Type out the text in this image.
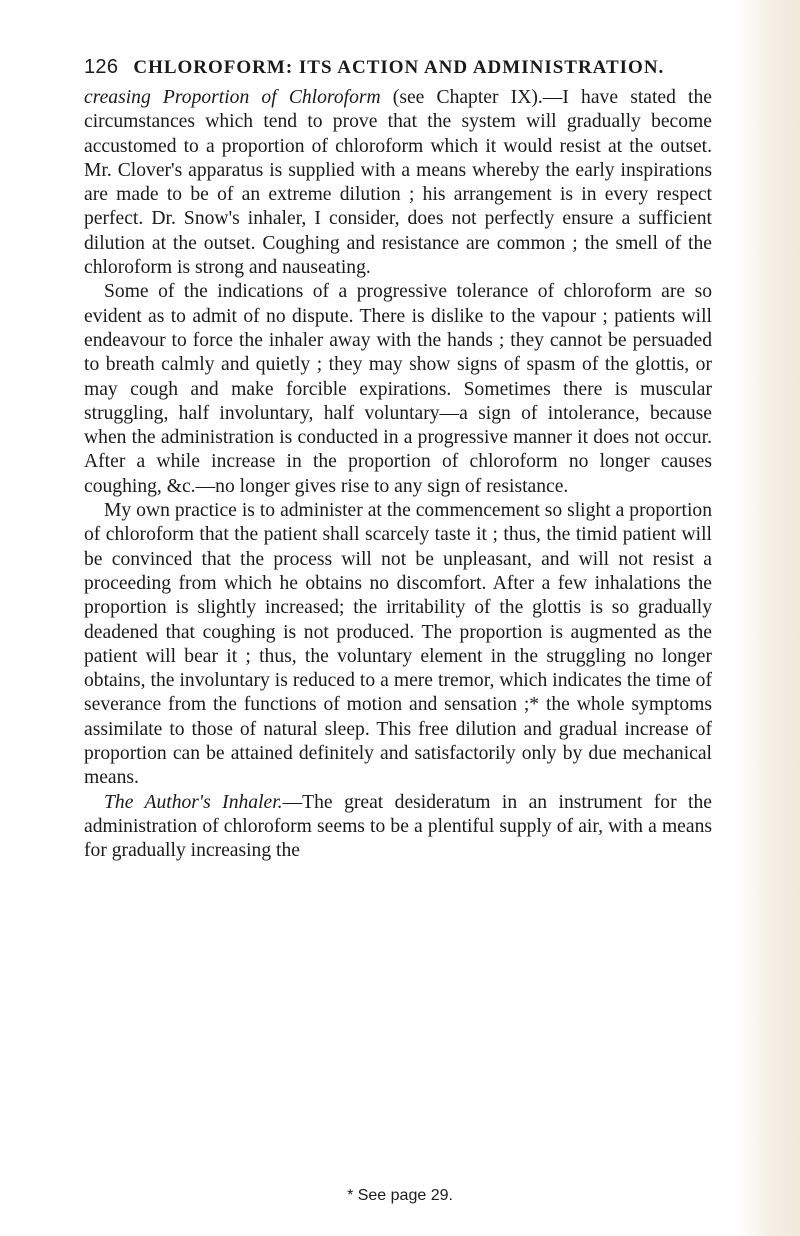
126 CHLOROFORM: ITS ACTION AND ADMINISTRATION.

creasing Proportion of Chloroform (see Chapter IX).—I have stated the circumstances which tend to prove that the system will gradually become accustomed to a proportion of chloroform which it would resist at the outset. Mr. Clover's apparatus is supplied with a means whereby the early inspirations are made to be of an extreme dilution ; his arrangement is in every respect perfect. Dr. Snow's inhaler, I consider, does not perfectly ensure a sufficient dilution at the outset. Coughing and resistance are common ; the smell of the chloroform is strong and nauseating.

Some of the indications of a progressive tolerance of chloroform are so evident as to admit of no dispute. There is dislike to the vapour ; patients will endeavour to force the inhaler away with the hands ; they cannot be persuaded to breath calmly and quietly ; they may show signs of spasm of the glottis, or may cough and make forcible expirations. Sometimes there is muscular struggling, half involuntary, half voluntary—a sign of intolerance, because when the administration is conducted in a progressive manner it does not occur. After a while increase in the proportion of chloroform no longer causes coughing, &c.—no longer gives rise to any sign of resistance.

My own practice is to administer at the commencement so slight a proportion of chloroform that the patient shall scarcely taste it ; thus, the timid patient will be convinced that the process will not be unpleasant, and will not resist a proceeding from which he obtains no discomfort. After a few inhalations the proportion is slightly increased; the irritability of the glottis is so gradually deadened that coughing is not produced. The proportion is augmented as the patient will bear it ; thus, the voluntary element in the struggling no longer obtains, the involuntary is reduced to a mere tremor, which indicates the time of severance from the functions of motion and sensation ;* the whole symptoms assimilate to those of natural sleep. This free dilution and gradual increase of proportion can be attained definitely and satisfactorily only by due mechanical means.

The Author's Inhaler.—The great desideratum in an instrument for the administration of chloroform seems to be a plentiful supply of air, with a means for gradually increasing the

* See page 29.
